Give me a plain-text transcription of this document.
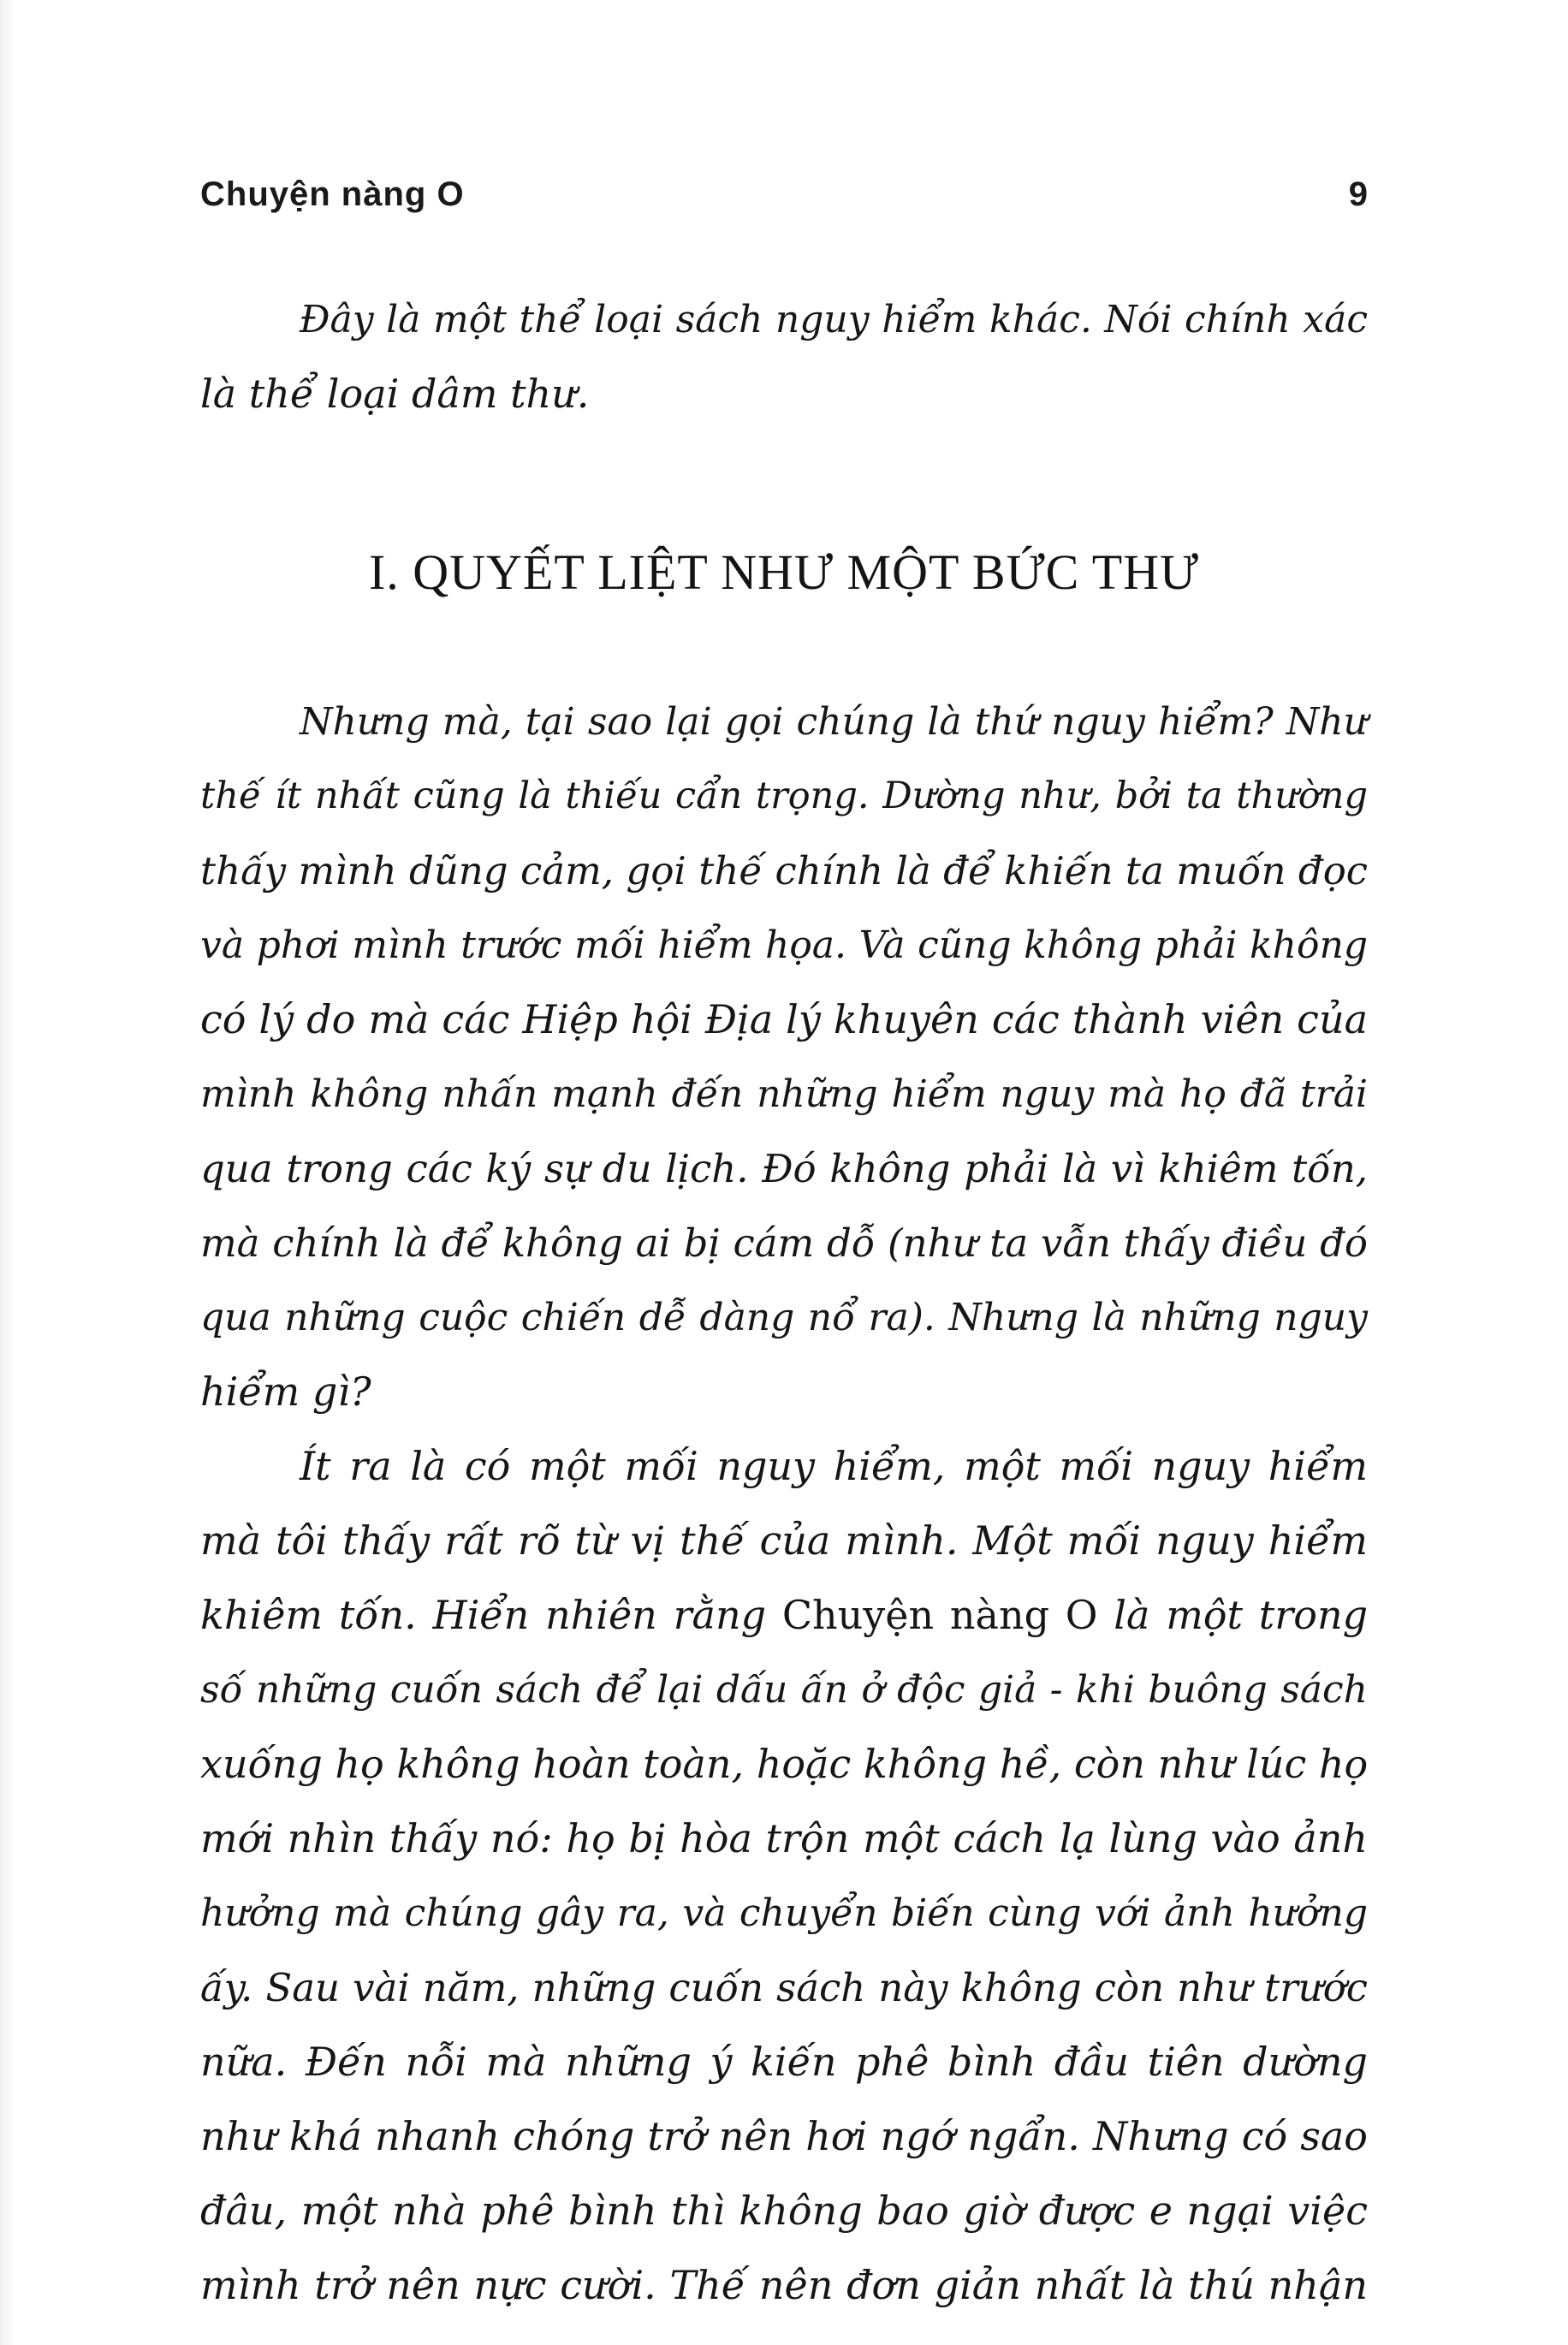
Chuyện nàng O	9
Đây là một thể loại sách nguy hiểm khác. Nói chính xác
là thể loại dâm thư.
I. QUYẾT LIỆT NHƯ MỘT BỨC THƯ
Nhưng mà, tại sao lại gọi chúng là thứ nguy hiểm? Như
thế ít nhất cũng là thiếu cẩn trọng. Dường như, bởi ta thường
thấy mình dũng cảm, gọi thế chính là để khiến ta muốn đọc
và phơi mình trước mối hiểm họa. Và cũng không phải không
có lý do mà các Hiệp hội Địa lý khuyên các thành viên của
mình không nhấn mạnh đến những hiểm nguy mà họ đã trải
qua trong các ký sự du lịch. Đó không phải là vì khiêm tốn,
mà chính là để không ai bị cám dỗ (như ta vẫn thấy điều đó
qua những cuộc chiến dễ dàng nổ ra). Nhưng là những nguy
hiểm gì?
Ít ra là có một mối nguy hiểm, một mối nguy hiểm
mà tôi thấy rất rõ từ vị thế của mình. Một mối nguy hiểm
khiêm tốn. Hiển nhiên rằng Chuyện nàng O là một trong
số những cuốn sách để lại dấu ấn ở độc giả - khi buông sách
xuống họ không hoàn toàn, hoặc không hề, còn như lúc họ
mới nhìn thấy nó: họ bị hòa trộn một cách lạ lùng vào ảnh
hưởng mà chúng gây ra, và chuyển biến cùng với ảnh hưởng
ấy. Sau vài năm, những cuốn sách này không còn như trước
nữa. Đến nỗi mà những ý kiến phê bình đầu tiên dường
như khá nhanh chóng trở nên hơi ngớ ngẩn. Nhưng có sao
đâu, một nhà phê bình thì không bao giờ được e ngại việc
mình trở nên nực cười. Thế nên đơn giản nhất là thú nhận
